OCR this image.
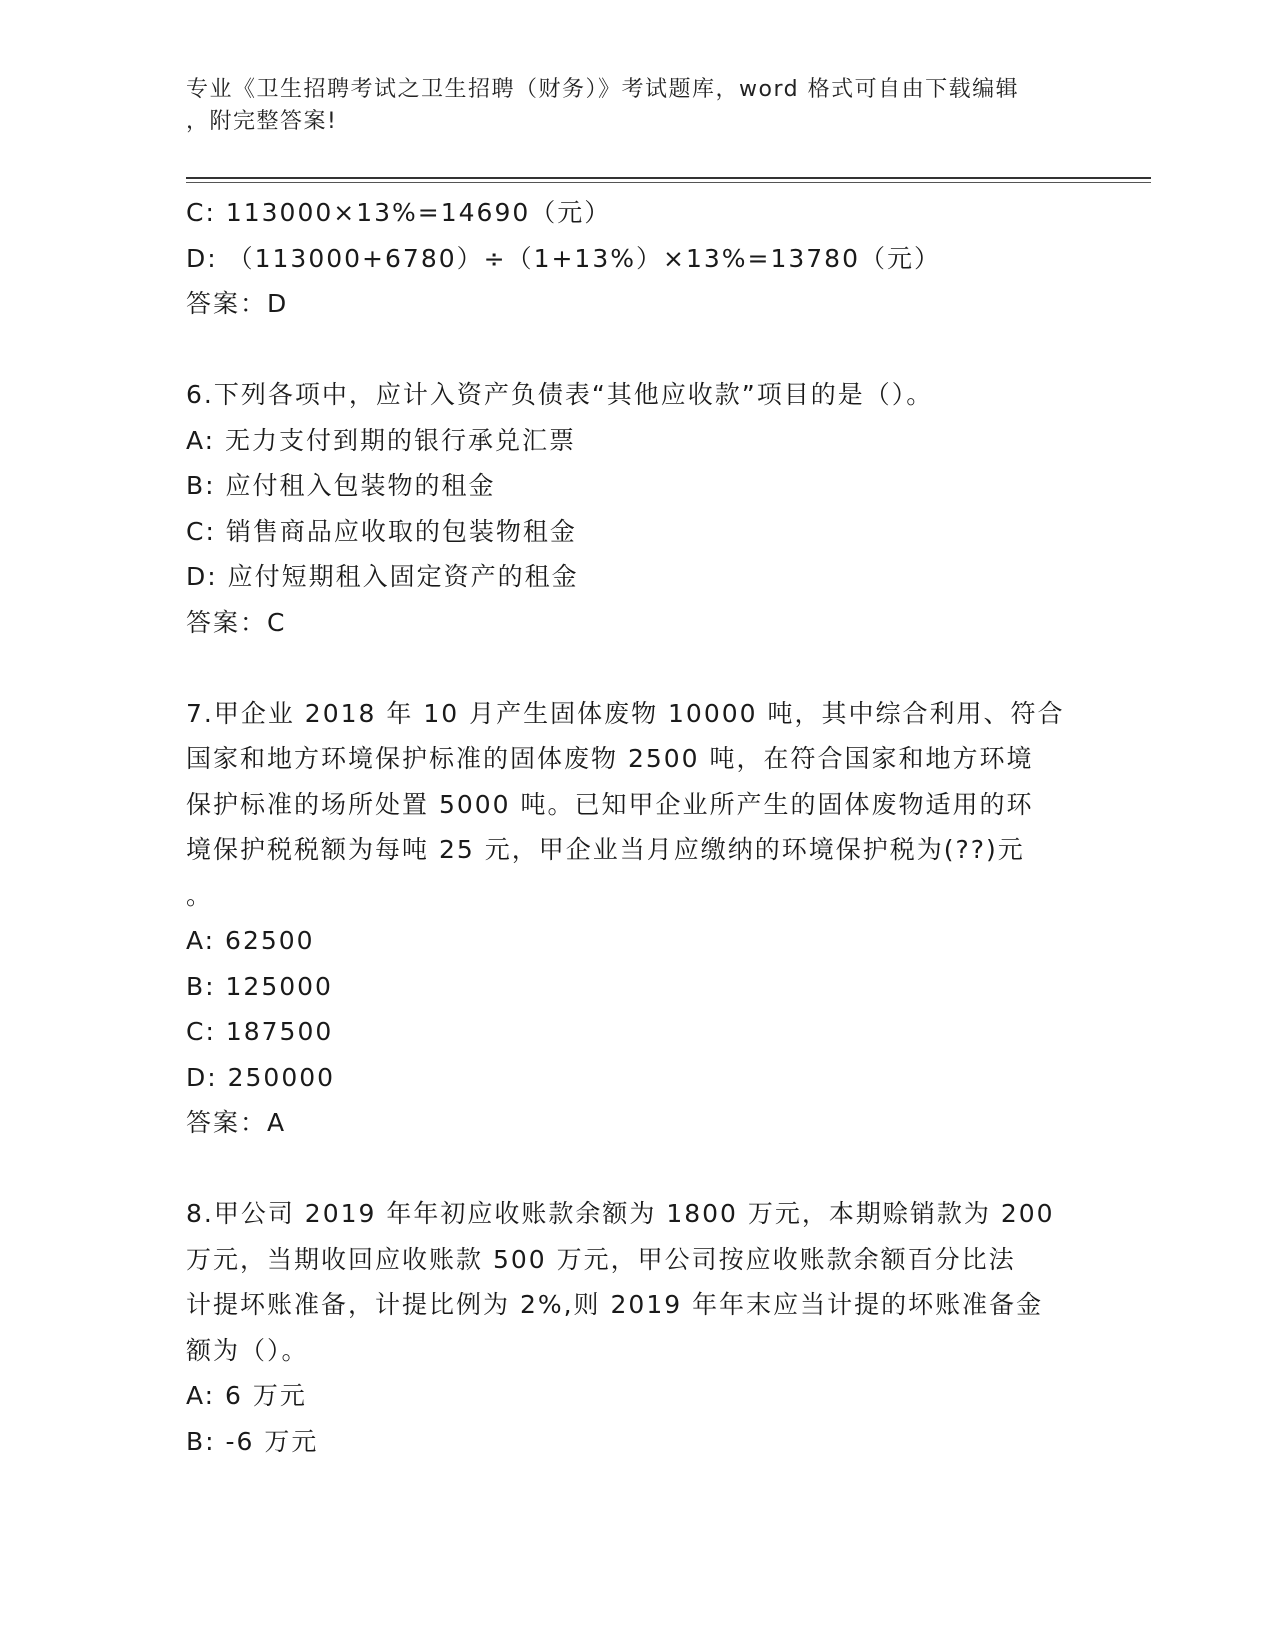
专业《卫生招聘考试之卫生招聘（财务）》考试题库，word 格式可自由下载编辑
，附完整答案!
C: 113000×13%=14690（元）
D: （113000+6780）÷（1+13%）×13%=13780（元）
答案：D
6.下列各项中，应计入资产负债表“其他应收款”项目的是（）。
A: 无力支付到期的银行承兑汇票
B: 应付租入包装物的租金
C: 销售商品应收取的包装物租金
D: 应付短期租入固定资产的租金
答案：C
7.甲企业 2018 年 10 月产生固体废物 10000 吨，其中综合利用、符合
国家和地方环境保护标准的固体废物 2500 吨，在符合国家和地方环境
保护标准的场所处置 5000 吨。已知甲企业所产生的固体废物适用的环
境保护税税额为每吨 25 元，甲企业当月应缴纳的环境保护税为(??)元
。
A: 62500
B: 125000
C: 187500
D: 250000
答案：A
8.甲公司 2019 年年初应收账款余额为 1800 万元，本期赊销款为 200
万元，当期收回应收账款 500 万元，甲公司按应收账款余额百分比法
计提坏账准备，计提比例为 2%,则 2019 年年末应当计提的坏账准备金
额为（）。
A: 6 万元
B: -6 万元
